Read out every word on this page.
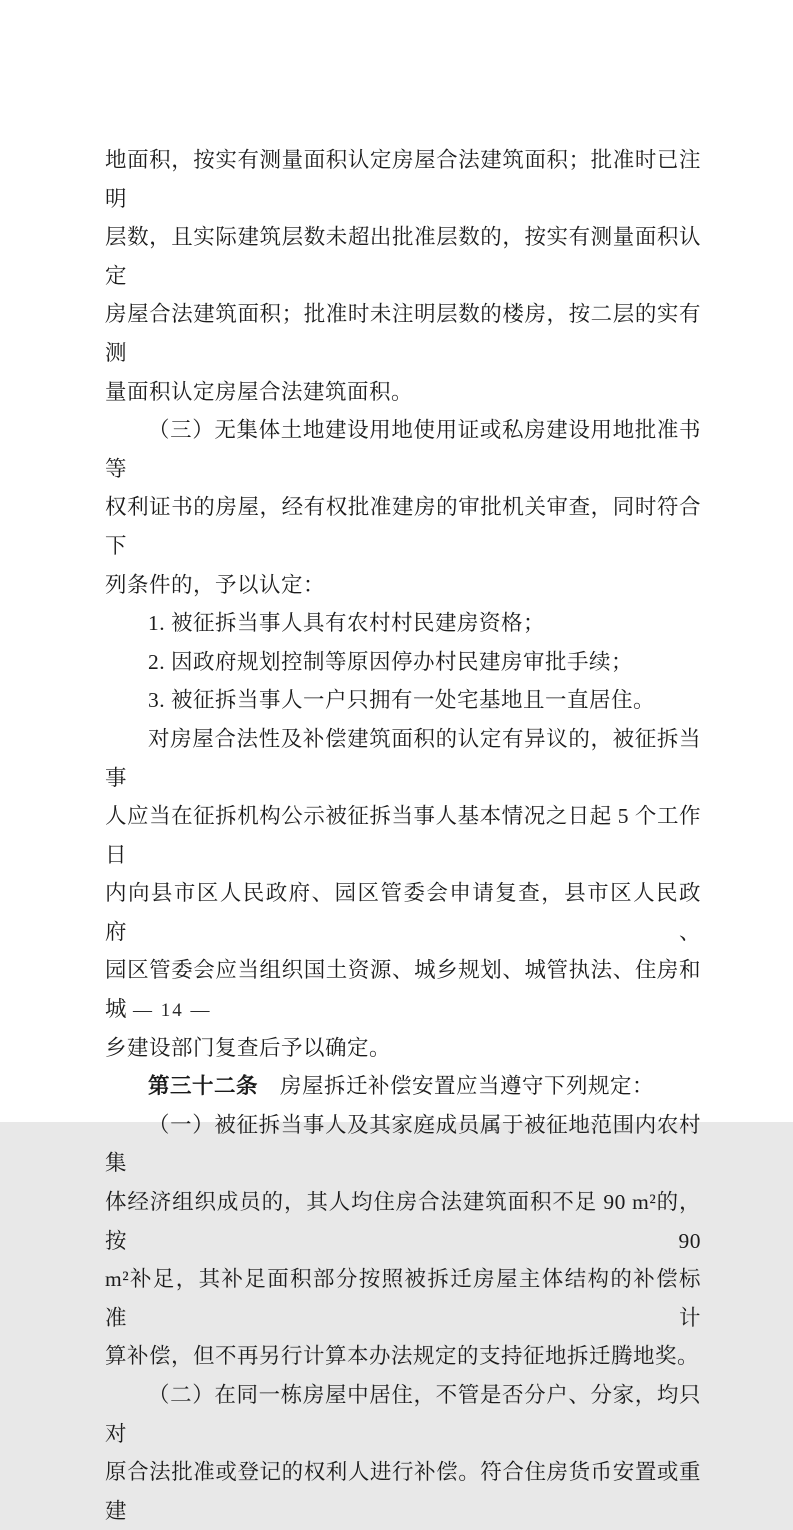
地面积，按实有测量面积认定房屋合法建筑面积；批准时已注明
层数，且实际建筑层数未超出批准层数的，按实有测量面积认定
房屋合法建筑面积；批准时未注明层数的楼房，按二层的实有测
量面积认定房屋合法建筑面积。
（三）无集体土地建设用地使用证或私房建设用地批准书等
权利证书的房屋，经有权批准建房的审批机关审查，同时符合下
列条件的，予以认定：
1. 被征拆当事人具有农村村民建房资格；
2. 因政府规划控制等原因停办村民建房审批手续；
3. 被征拆当事人一户只拥有一处宅基地且一直居住。
对房屋合法性及补偿建筑面积的认定有异议的，被征拆当事
人应当在征拆机构公示被征拆当事人基本情况之日起 5 个工作日
内向县市区人民政府、园区管委会申请复查，县市区人民政府、
园区管委会应当组织国土资源、城乡规划、城管执法、住房和城
乡建设部门复查后予以确定。
第三十二条　房屋拆迁补偿安置应当遵守下列规定：
（一）被征拆当事人及其家庭成员属于被征地范围内农村集
体经济组织成员的，其人均住房合法建筑面积不足 90 m²的，按 90
m²补足，其补足面积部分按照被拆迁房屋主体结构的补偿标准计
算补偿，但不再另行计算本办法规定的支持征地拆迁腾地奖。
（二）在同一栋房屋中居住，不管是否分户、分家，均只对
原合法批准或登记的权利人进行补偿。符合住房货币安置或重建
— 14 —
